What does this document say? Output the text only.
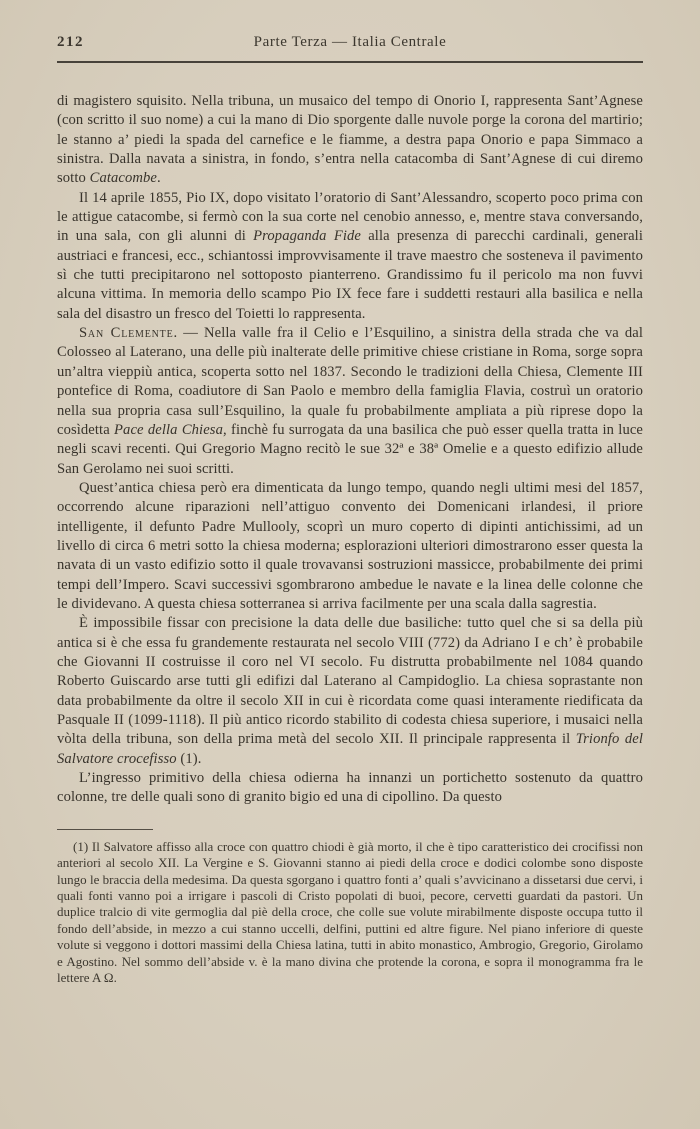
212	Parte Terza — Italia Centrale

di magistero squisito. Nella tribuna, un musaico del tempo di Onorio I, rappresenta Sant’Agnese (con scritto il suo nome) a cui la mano di Dio sporgente dalle nuvole porge la corona del martirio; le stanno a’ piedi la spada del carnefice e le fiamme, a destra papa Onorio e papa Simmaco a sinistra. Dalla navata a sinistra, in fondo, s’entra nella catacomba di Sant’Agnese di cui diremo sotto Catacombe.

Il 14 aprile 1855, Pio IX, dopo visitato l’oratorio di Sant’Alessandro, scoperto poco prima con le attigue catacombe, si fermò con la sua corte nel cenobio annesso, e, mentre stava conversando, in una sala, con gli alunni di Propaganda Fide alla presenza di parecchi cardinali, generali austriaci e francesi, ecc., schiantossi improvvisamente il trave maestro che sosteneva il pavimento sì che tutti precipitarono nel sottoposto pianterreno. Grandissimo fu il pericolo ma non fuvvi alcuna vittima. In memoria dello scampo Pio IX fece fare i suddetti restauri alla basilica e nella sala del disastro un fresco del Toietti lo rappresenta.

San Clemente. — Nella valle fra il Celio e l’Esquilino, a sinistra della strada che va dal Colosseo al Laterano, una delle più inalterate delle primitive chiese cristiane in Roma, sorge sopra un’altra vieppiù antica, scoperta sotto nel 1837. Secondo le tradizioni della Chiesa, Clemente III pontefice di Roma, coadiutore di San Paolo e membro della famiglia Flavia, costruì un oratorio nella sua propria casa sull’Esquilino, la quale fu probabilmente ampliata a più riprese dopo la cosìdetta Pace della Chiesa, finchè fu surrogata da una basilica che può esser quella tratta in luce negli scavi recenti. Qui Gregorio Magno recitò le sue 32ª e 38ª Omelie e a questo edifizio allude San Gerolamo nei suoi scritti.

Quest’antica chiesa però era dimenticata da lungo tempo, quando negli ultimi mesi del 1857, occorrendo alcune riparazioni nell’attiguo convento dei Domenicani irlandesi, il priore intelligente, il defunto Padre Mullooly, scoprì un muro coperto di dipinti antichissimi, ad un livello di circa 6 metri sotto la chiesa moderna; esplorazioni ulteriori dimostrarono esser questa la navata di un vasto edifizio sotto il quale trovavansi sostruzioni massicce, probabilmente dei primi tempi dell’Impero. Scavi successivi sgombrarono ambedue le navate e la linea delle colonne che le dividevano. A questa chiesa sotterranea si arriva facilmente per una scala dalla sagrestia.

È impossibile fissar con precisione la data delle due basiliche: tutto quel che si sa della più antica si è che essa fu grandemente restaurata nel secolo VIII (772) da Adriano I e ch’ è probabile che Giovanni II costruisse il coro nel VI secolo. Fu distrutta probabilmente nel 1084 quando Roberto Guiscardo arse tutti gli edifizi dal Laterano al Campidoglio. La chiesa soprastante non data probabilmente da oltre il secolo XII in cui è ricordata come quasi interamente riedificata da Pasquale II (1099-1118). Il più antico ricordo stabilito di codesta chiesa superiore, i musaici nella vòlta della tribuna, son della prima metà del secolo XII. Il principale rappresenta il Trionfo del Salvatore crocefisso (1).

L’ingresso primitivo della chiesa odierna ha innanzi un portichetto sostenuto da quattro colonne, tre delle quali sono di granito bigio ed una di cipollino. Da questo

(1) Il Salvatore affisso alla croce con quattro chiodi è già morto, il che è tipo caratteristico dei crocifissi non anteriori al secolo XII. La Vergine e S. Giovanni stanno ai piedi della croce e dodici colombe sono disposte lungo le braccia della medesima. Da questa sgorgano i quattro fonti a’ quali s’avvicinano a dissetarsi due cervi, i quali fonti vanno poi a irrigare i pascoli di Cristo popolati di buoi, pecore, cervetti guardati da pastori. Un duplice tralcio di vite germoglia dal piè della croce, che colle sue volute mirabilmente disposte occupa tutto il fondo dell’abside, in mezzo a cui stanno uccelli, delfini, puttini ed altre figure. Nel piano inferiore di queste volute si veggono i dottori massimi della Chiesa latina, tutti in abito monastico, Ambrogio, Gregorio, Girolamo e Agostino. Nel sommo dell’abside v. è la mano divina che protende la corona, e sopra il monogramma fra le lettere A Ω.
